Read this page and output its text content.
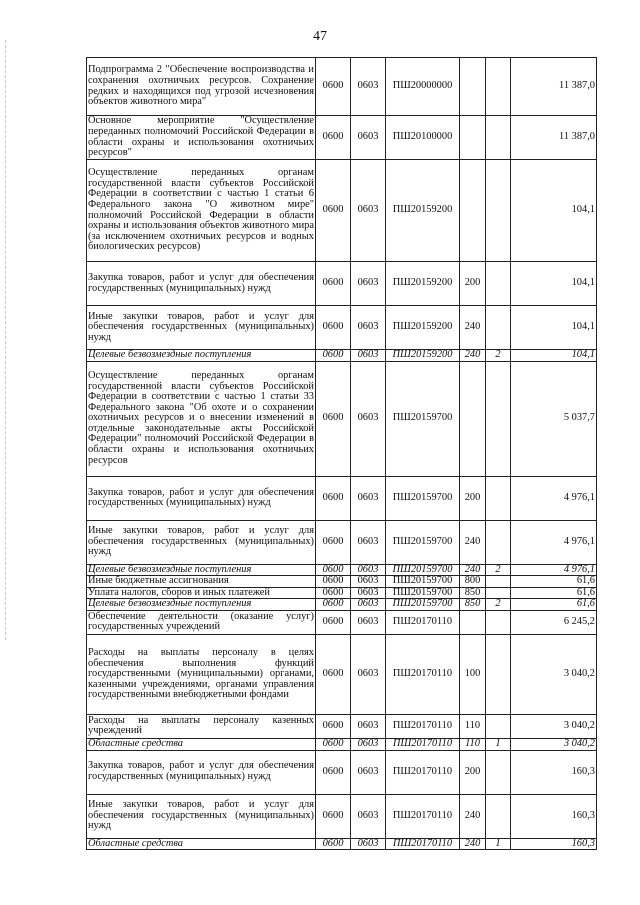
47
Подпрограмма 2 "Обеспечение воспроизводства и сохранения охотничьих ресурсов. Сохранение редких и находящихся под угрозой исчезновения объектов животного мира"	0600	0603	ПШ20000000			11 387,0
Основное мероприятие "Осуществление переданных полномочий Российской Федерации в области охраны и использования охотничьих ресурсов"	0600	0603	ПШ20100000			11 387,0
Осуществление переданных органам государственной власти субъектов Российской Федерации в соответствии с частью 1 статьи 6 Федерального закона "О животном мире" полномочий Российской Федерации в области охраны и использования объектов животного мира (за исключением охотничьих ресурсов и водных биологических ресурсов)	0600	0603	ПШ20159200			104,1
Закупка товаров, работ и услуг для обеспечения государственных (муниципальных) нужд	0600	0603	ПШ20159200	200		104,1
Иные закупки товаров, работ и услуг для обеспечения государственных (муниципальных) нужд	0600	0603	ПШ20159200	240		104,1
Целевые безвозмездные поступления	0600	0603	ПШ20159200	240	2	104,1
Осуществление переданных органам государственной власти субъектов Российской Федерации в соответствии с частью 1 статьи 33 Федерального закона "Об охоте и о сохранении охотничьих ресурсов и о внесении изменений в отдельные законодательные акты Российской Федерации" полномочий Российской Федерации в области охраны и использования охотничьих ресурсов	0600	0603	ПШ20159700			5 037,7
Закупка товаров, работ и услуг для обеспечения государственных (муниципальных) нужд	0600	0603	ПШ20159700	200		4 976,1
Иные закупки товаров, работ и услуг для обеспечения государственных (муниципальных) нужд	0600	0603	ПШ20159700	240		4 976,1
Целевые безвозмездные поступления	0600	0603	ПШ20159700	240	2	4 976,1
Иные бюджетные ассигнования	0600	0603	ПШ20159700	800		61,6
Уплата налогов, сборов и иных платежей	0600	0603	ПШ20159700	850		61,6
Целевые безвозмездные поступления	0600	0603	ПШ20159700	850	2	61,6
Обеспечение деятельности (оказание услуг) государственных учреждений	0600	0603	ПШ20170110			6 245,2
Расходы на выплаты персоналу в целях обеспечения выполнения функций государственными (муниципальными) органами, казенными учреждениями, органами управления государственными внебюджетными фондами	0600	0603	ПШ20170110	100		3 040,2
Расходы на выплаты персоналу казенных учреждений	0600	0603	ПШ20170110	110		3 040,2
Областные средства	0600	0603	ПШ20170110	110	1	3 040,2
Закупка товаров, работ и услуг для обеспечения государственных (муниципальных) нужд	0600	0603	ПШ20170110	200		160,3
Иные закупки товаров, работ и услуг для обеспечения государственных (муниципальных) нужд	0600	0603	ПШ20170110	240		160,3
Областные средства	0600	0603	ПШ20170110	240	1	160,3
